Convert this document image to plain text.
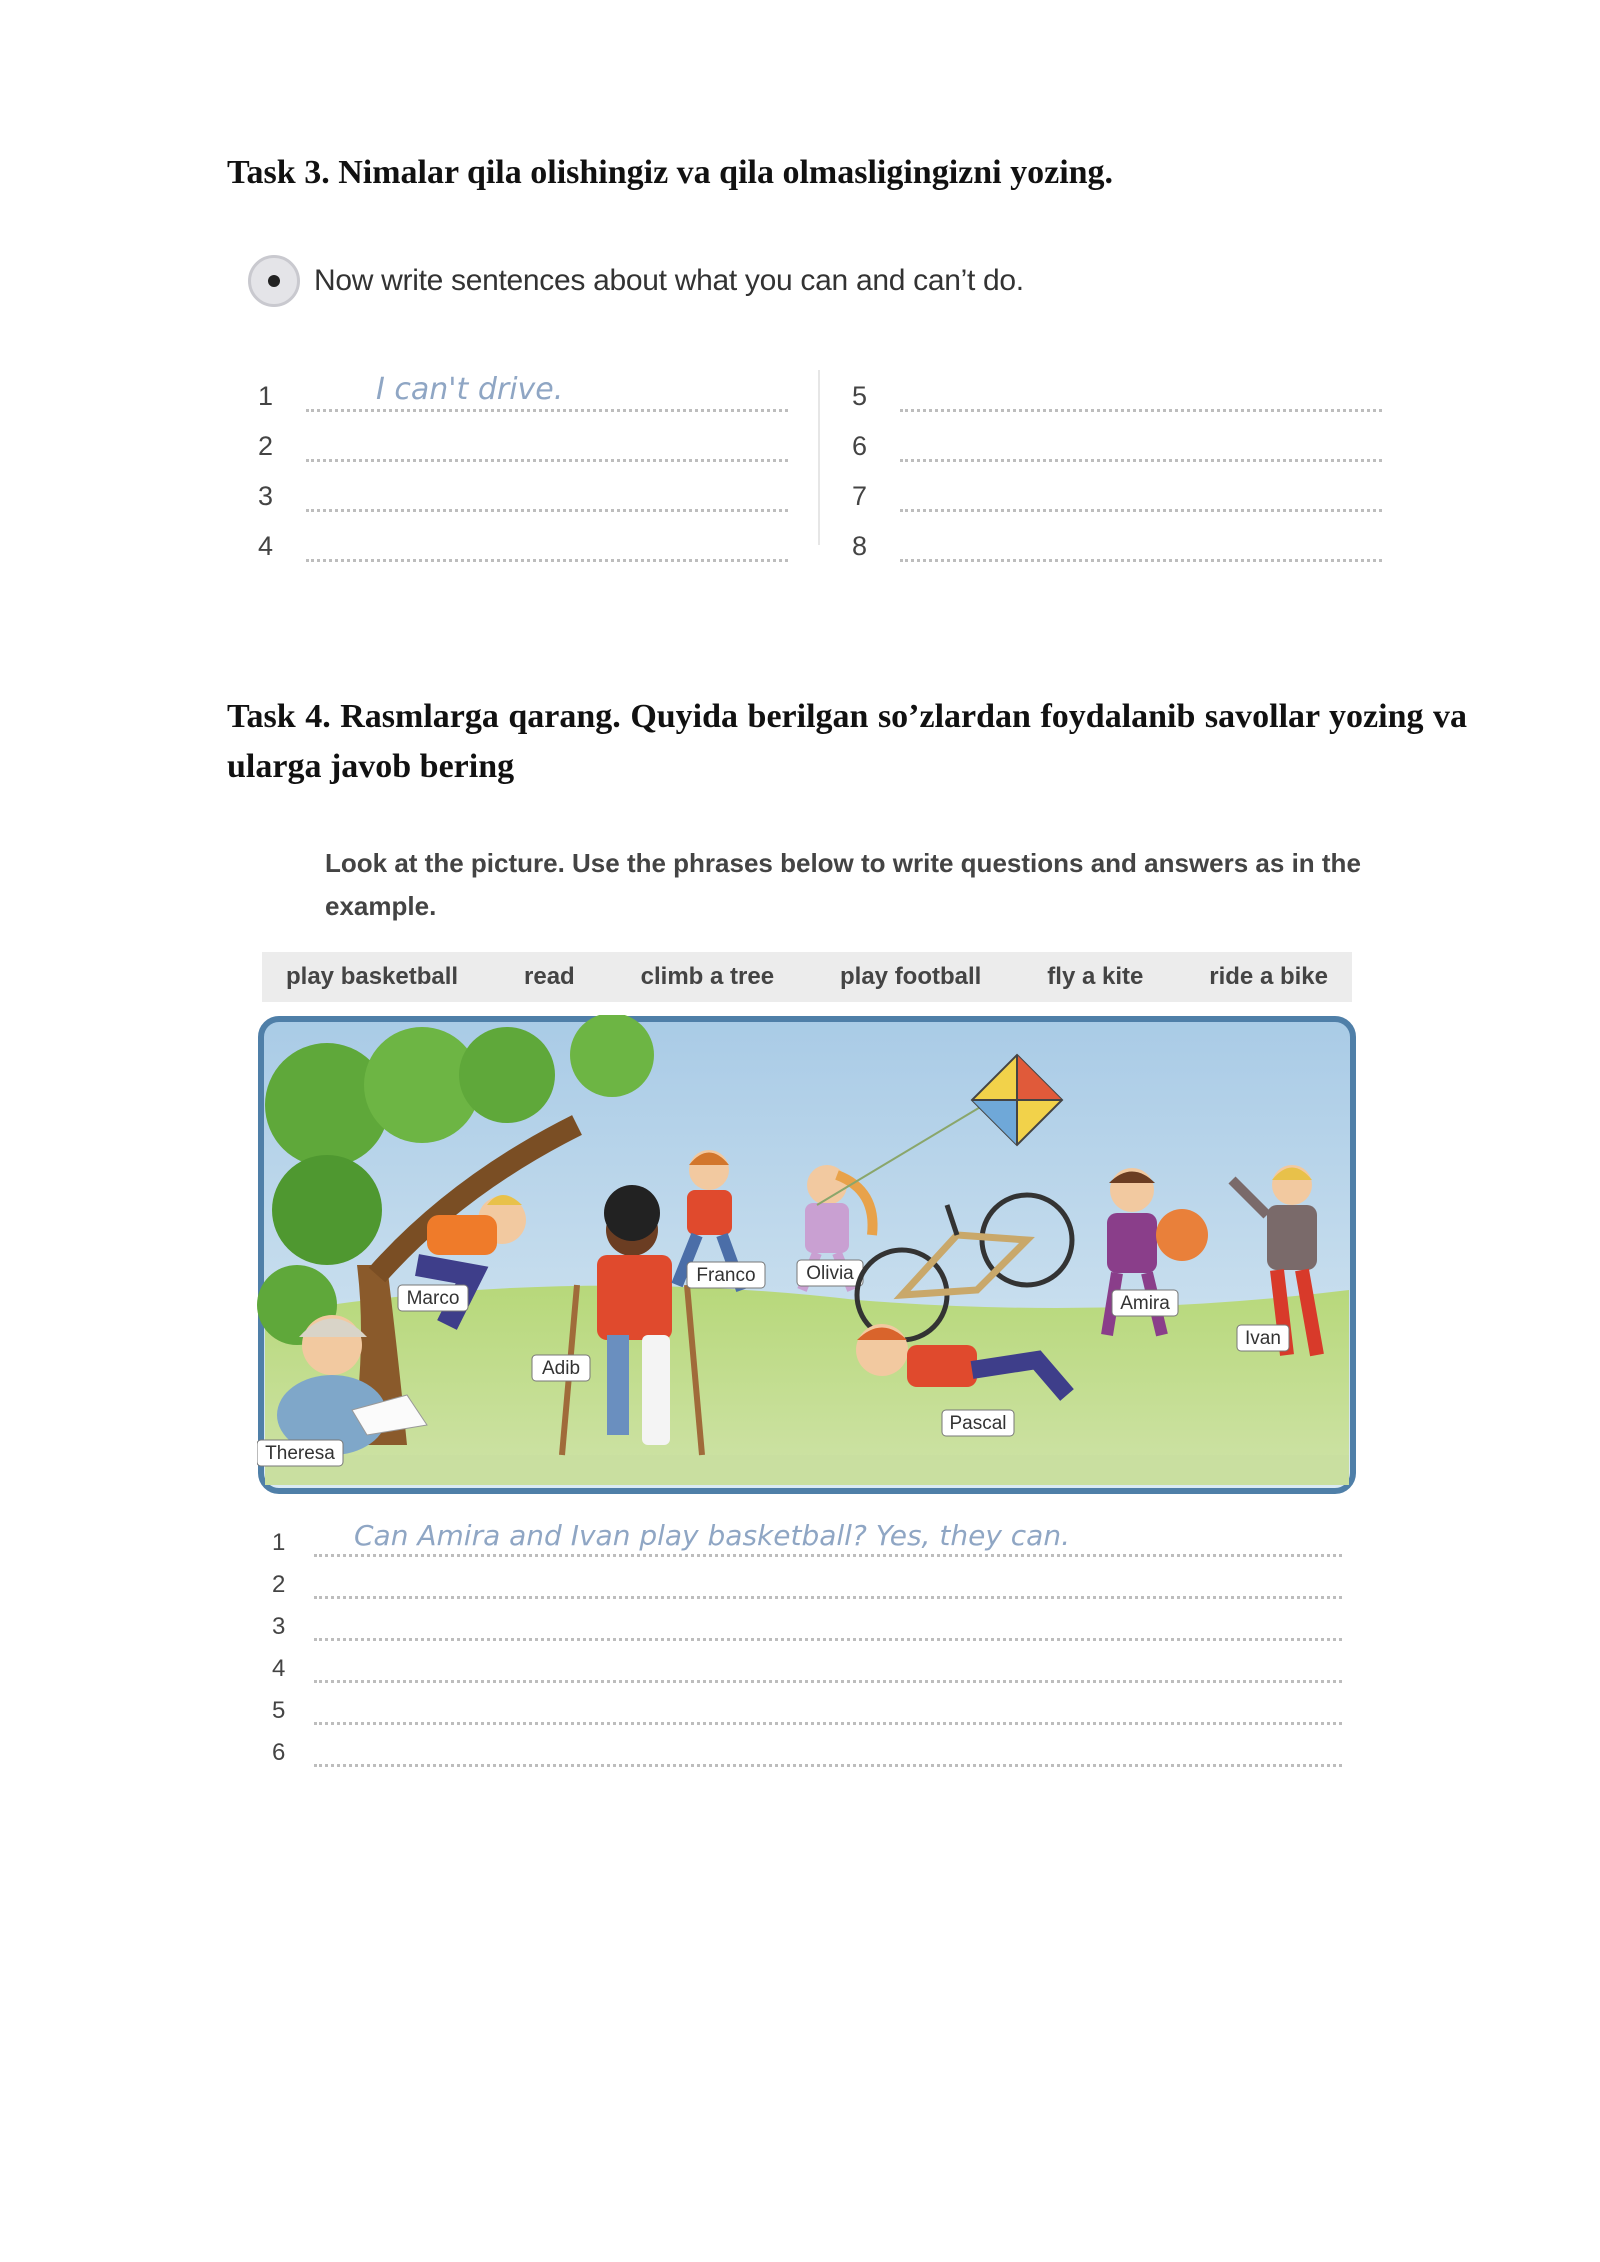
Task 3. Nimalar qila olishingiz va qila olmasligingizni yozing.
Now write sentences about what you can and can’t do.
1	I can't drive.
2
3
4
5
6
7
8
Task 4. Rasmlarga qarang. Quyida berilgan so’zlardan foydalanib savollar yozing va ularga javob bering
Look at the picture. Use the phrases below to write questions and answers as in the example.
play basketball	read	climb a tree	play football	fly a kite	ride a bike
Marco
Theresa
Adib
Franco	Olivia
Pascal
Amira
Ivan
1	Can Amira and Ivan play basketball? Yes, they can.
2
3
4
5
6
